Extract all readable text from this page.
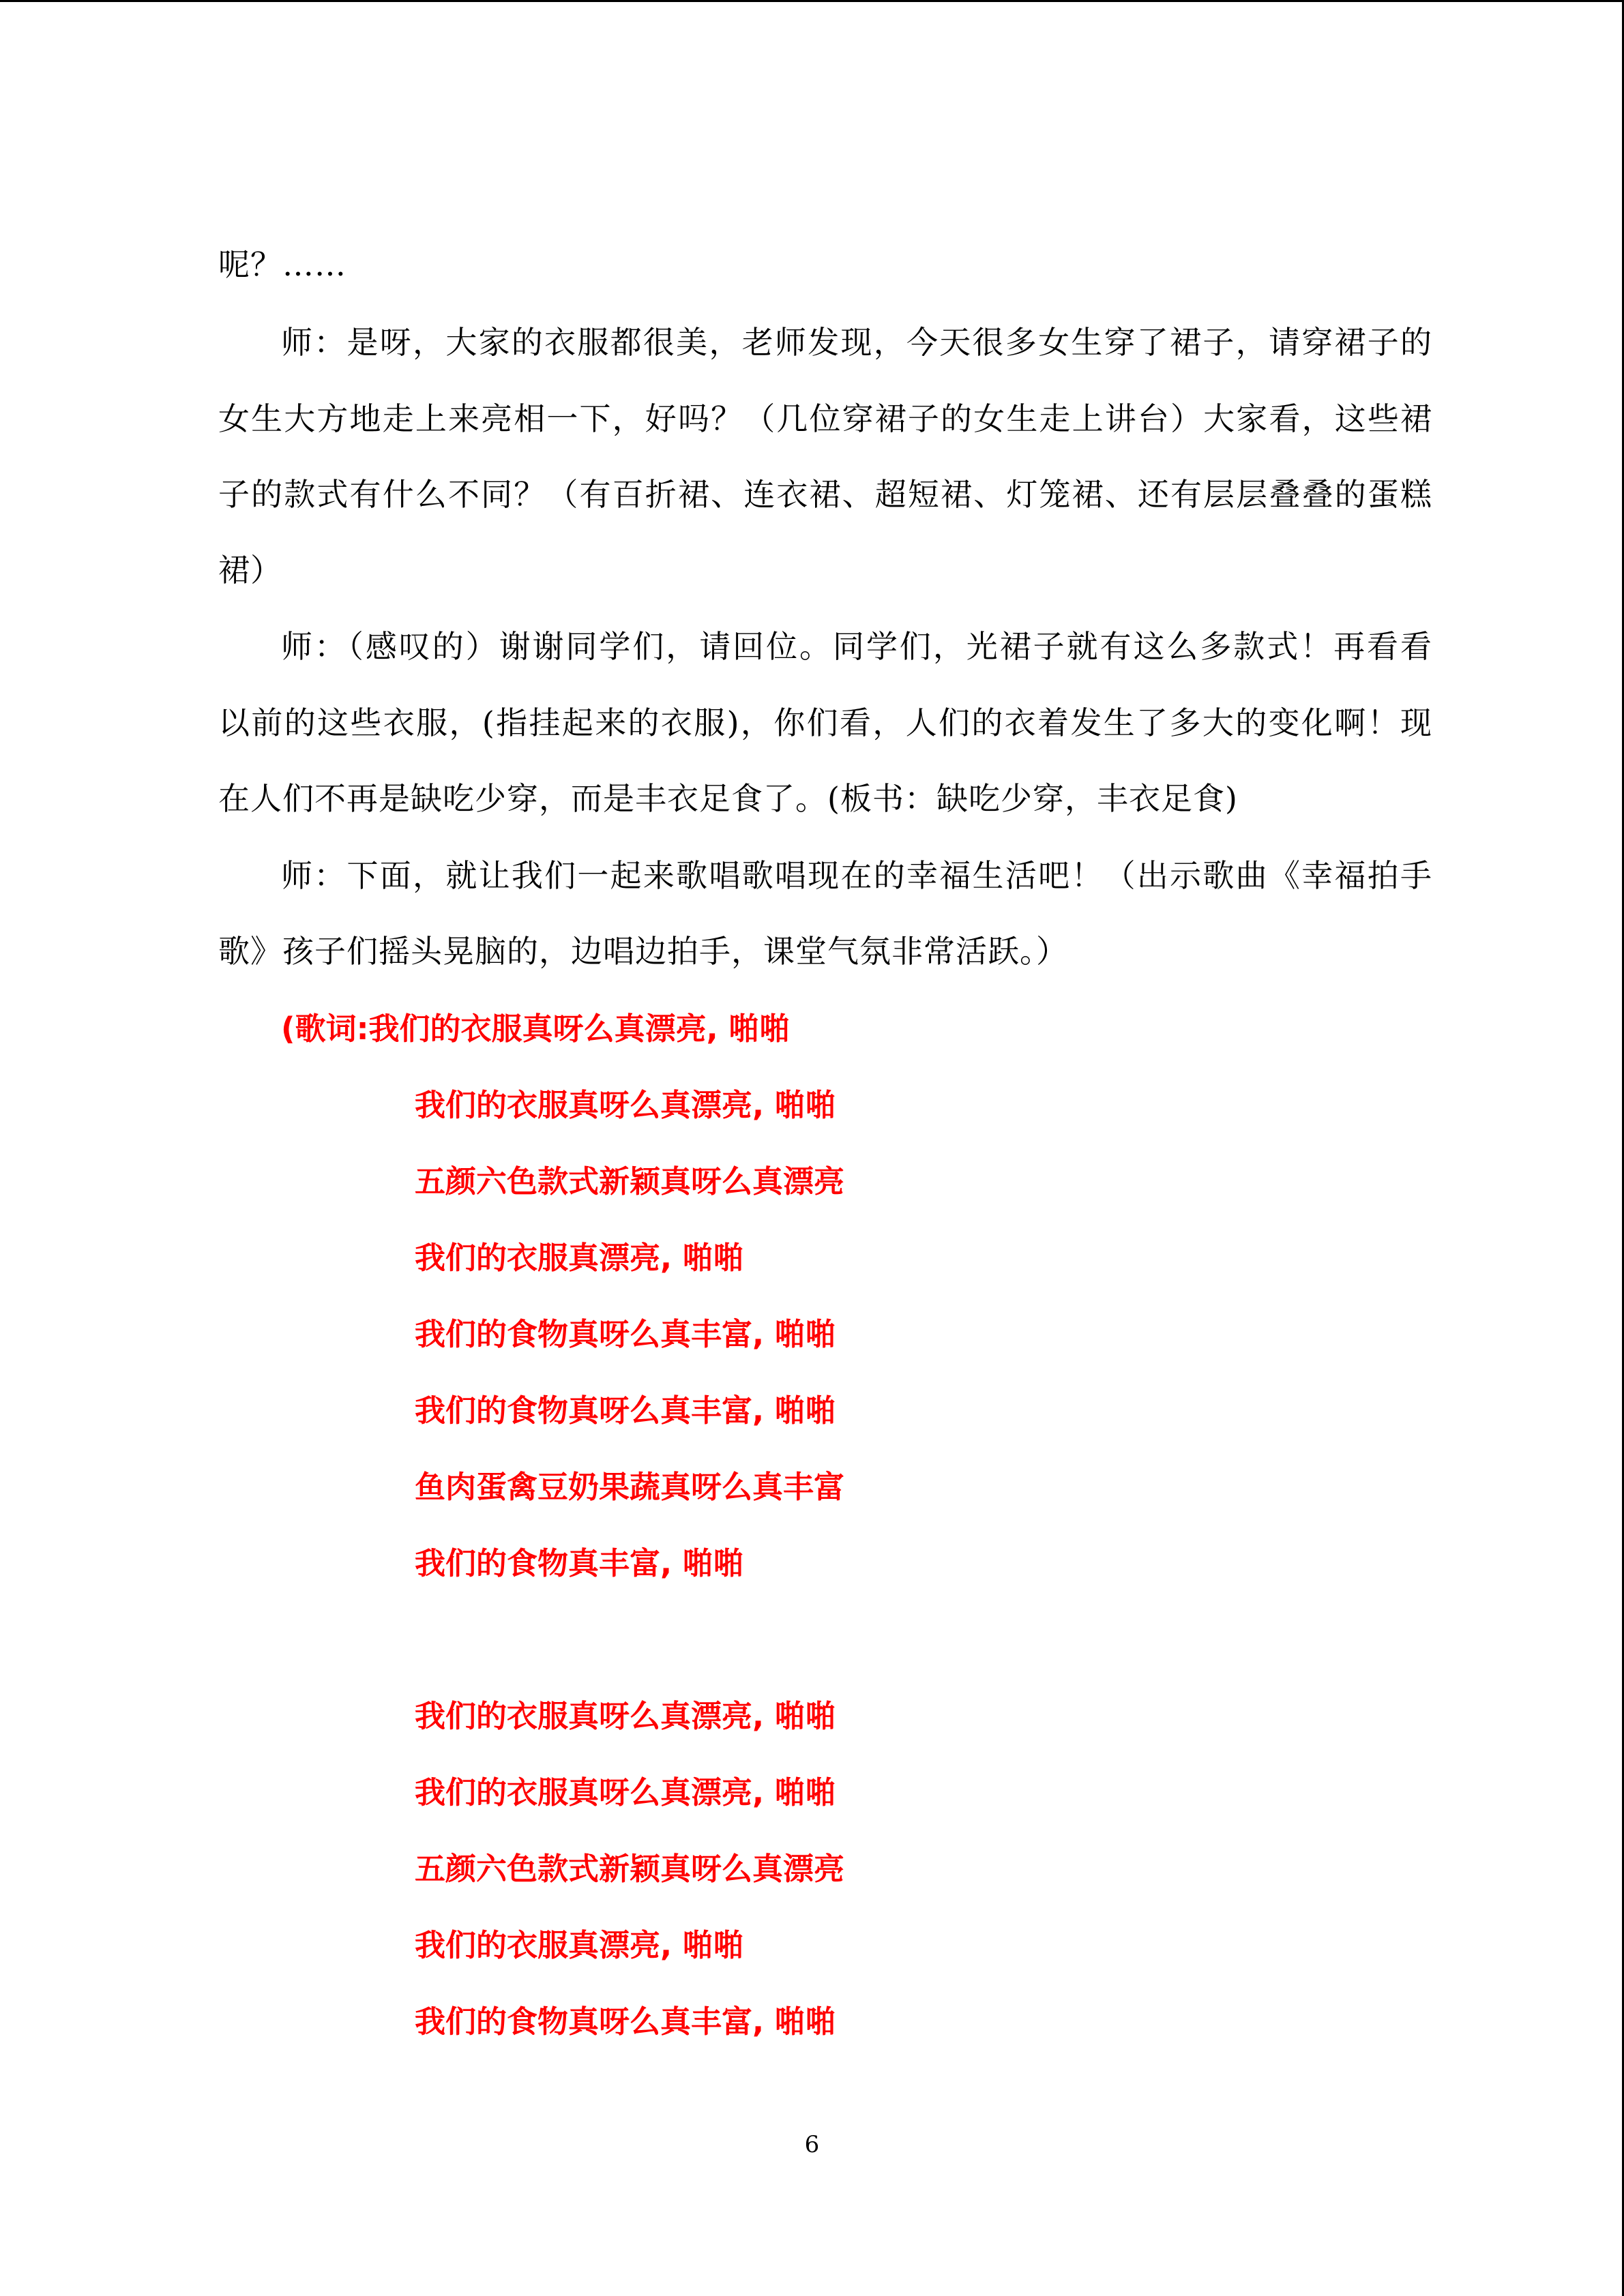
呢？……
师：是呀，大家的衣服都很美，老师发现，今天很多女生穿了裙子，请穿裙子的
女生大方地走上来亮相一下，好吗？（几位穿裙子的女生走上讲台）大家看，这些裙
子的款式有什么不同？（有百折裙、连衣裙、超短裙、灯笼裙、还有层层叠叠的蛋糕
裙）
师：（感叹的）谢谢同学们，请回位。同学们，光裙子就有这么多款式！再看看
以前的这些衣服，(指挂起来的衣服)，你们看，人们的衣着发生了多大的变化啊！现
在人们不再是缺吃少穿，而是丰衣足食了。(板书：缺吃少穿，丰衣足食)
师：下面，就让我们一起来歌唱歌唱现在的幸福生活吧！（出示歌曲《幸福拍手
歌》孩子们摇头晃脑的，边唱边拍手，课堂气氛非常活跃。）
(歌词:我们的衣服真呀么真漂亮, 啪啪
我们的衣服真呀么真漂亮, 啪啪
五颜六色款式新颖真呀么真漂亮
我们的衣服真漂亮, 啪啪
我们的食物真呀么真丰富, 啪啪
我们的食物真呀么真丰富, 啪啪
鱼肉蛋禽豆奶果蔬真呀么真丰富
我们的食物真丰富, 啪啪
我们的衣服真呀么真漂亮, 啪啪
我们的衣服真呀么真漂亮, 啪啪
五颜六色款式新颖真呀么真漂亮
我们的衣服真漂亮, 啪啪
我们的食物真呀么真丰富, 啪啪
6
